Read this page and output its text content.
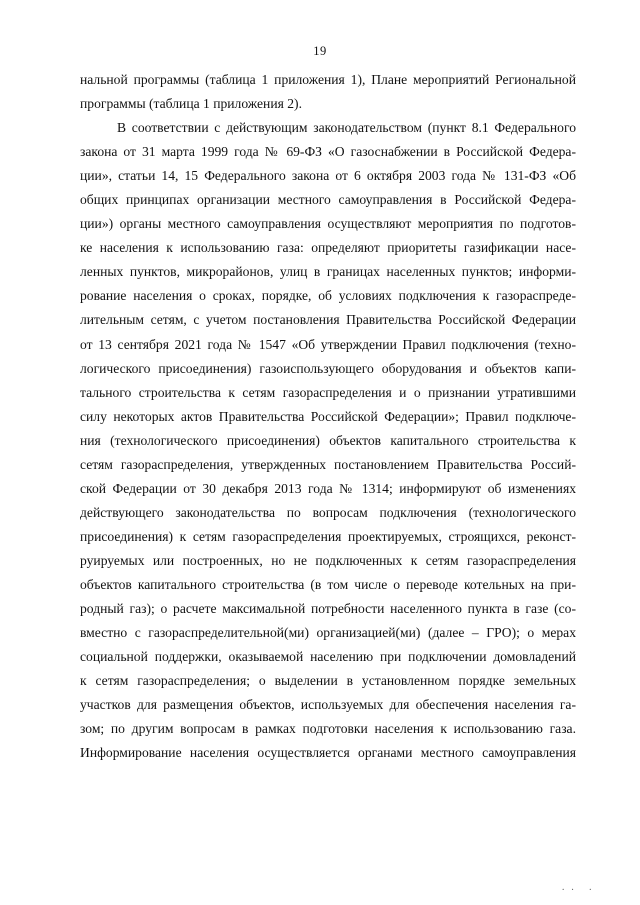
19
нальной программы (таблица 1 приложения 1), Плане мероприятий Региональной
программы (таблица 1 приложения 2).
В соответствии с действующим законодательством (пункт 8.1 Федерального
закона от 31 марта 1999 года № 69-ФЗ «О газоснабжении в Российской Федера-
ции», статьи 14, 15 Федерального закона от 6 октября 2003 года № 131-ФЗ «Об
общих принципах организации местного самоуправления в Российской Федера-
ции») органы местного самоуправления осуществляют мероприятия по подготов-
ке населения к использованию газа: определяют приоритеты газификации насе-
ленных пунктов, микрорайонов, улиц в границах населенных пунктов; информи-
рование населения о сроках, порядке, об условиях подключения к газораспреде-
лительным сетям, с учетом постановления Правительства Российской Федерации
от 13 сентября 2021 года № 1547 «Об утверждении Правил подключения (техно-
логического присоединения) газоиспользующего оборудования и объектов капи-
тального строительства к сетям газораспределения и о признании утратившими
силу некоторых актов Правительства Российской Федерации»; Правил подключе-
ния (технологического присоединения) объектов капитального строительства к
сетям газораспределения, утвержденных постановлением Правительства Россий-
ской Федерации от 30 декабря 2013 года № 1314; информируют об изменениях
действующего законодательства по вопросам подключения (технологического
присоединения) к сетям газораспределения проектируемых, строящихся, реконст-
руируемых или построенных, но не подключенных к сетям газораспределения
объектов капитального строительства (в том числе о переводе котельных на при-
родный газ); о расчете максимальной потребности населенного пункта в газе (со-
вместно с газораспределительной(ми) организацией(ми) (далее – ГРО); о мерах
социальной поддержки, оказываемой населению при подключении домовладений
к сетям газораспределения; о выделении в установленном порядке земельных
участков для размещения объектов, используемых для обеспечения населения га-
зом; по другим вопросам в рамках подготовки населения к использованию газа.
Информирование населения осуществляется органами местного самоуправления
·· ·
